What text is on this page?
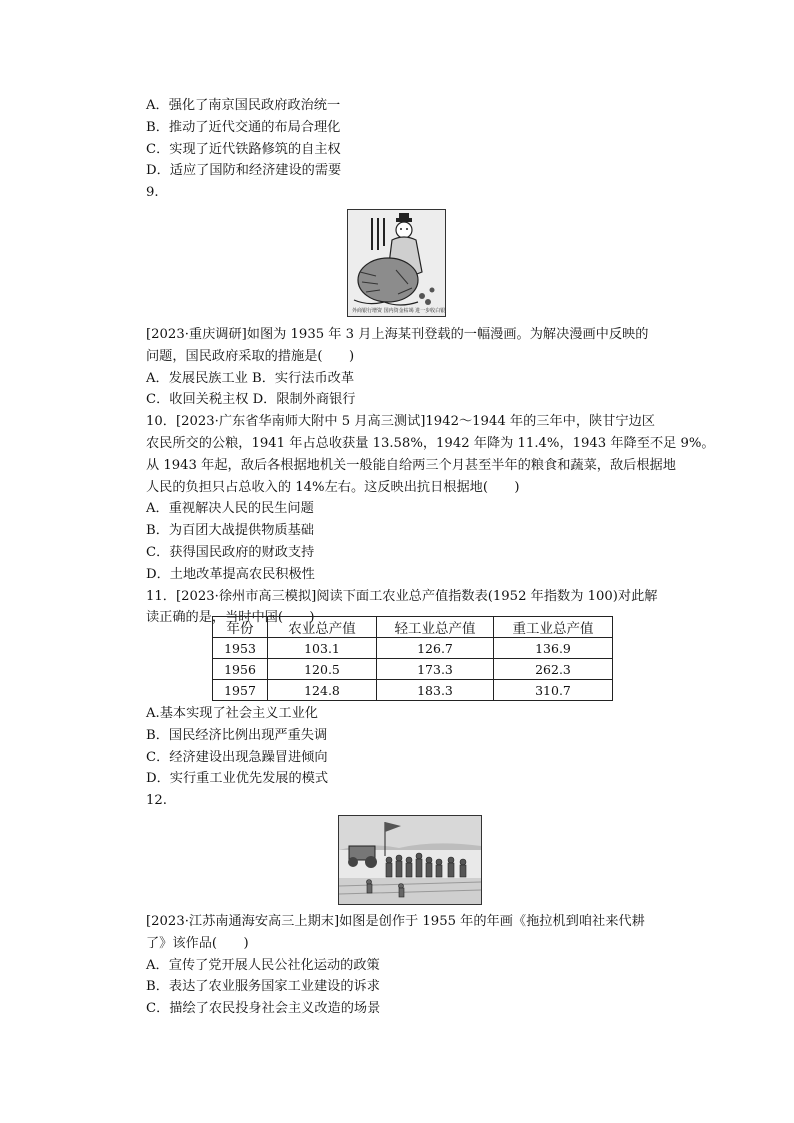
A．强化了南京国民政府政治统一
B．推动了近代交通的布局合理化
C．实现了近代铁路修筑的自主权
D．适应了国防和经济建设的需要
9.
外商银行增资 国内资金枯竭 进一步收白银
[2023·重庆调研]如图为 1935 年 3 月上海某刊登载的一幅漫画。为解决漫画中反映的
问题，国民政府采取的措施是(　　)
A．发展民族工业 B．实行法币改革
C．收回关税主权 D．限制外商银行
10．[2023·广东省华南师大附中 5 月高三测试]1942～1944 年的三年中，陕甘宁边区
农民所交的公粮，1941 年占总收获量 13.58%，1942 年降为 11.4%，1943 年降至不足 9%。
从 1943 年起，敌后各根据地机关一般能自给两三个月甚至半年的粮食和蔬菜，敌后根据地
人民的负担只占总收入的 14%左右。这反映出抗日根据地(　　)
A．重视解决人民的民生问题
B．为百团大战提供物质基础
C．获得国民政府的财政支持
D．土地改革提高农民积极性
11．[2023·徐州市高三模拟]阅读下面工农业总产值指数表(1952 年指数为 100)对此解
读正确的是，当时中国(　　)
年份	农业总产值	轻工业总产值	重工业总产值
1953	103.1	126.7	136.9
1956	120.5	173.3	262.3
1957	124.8	183.3	310.7
A.基本实现了社会主义工业化
B．国民经济比例出现严重失调
C．经济建设出现急躁冒进倾向
D．实行重工业优先发展的模式
12.
[2023·江苏南通海安高三上期末]如图是创作于 1955 年的年画《拖拉机到咱社来代耕
了》该作品(　　)
A．宣传了党开展人民公社化运动的政策
B．表达了农业服务国家工业建设的诉求
C．描绘了农民投身社会主义改造的场景
